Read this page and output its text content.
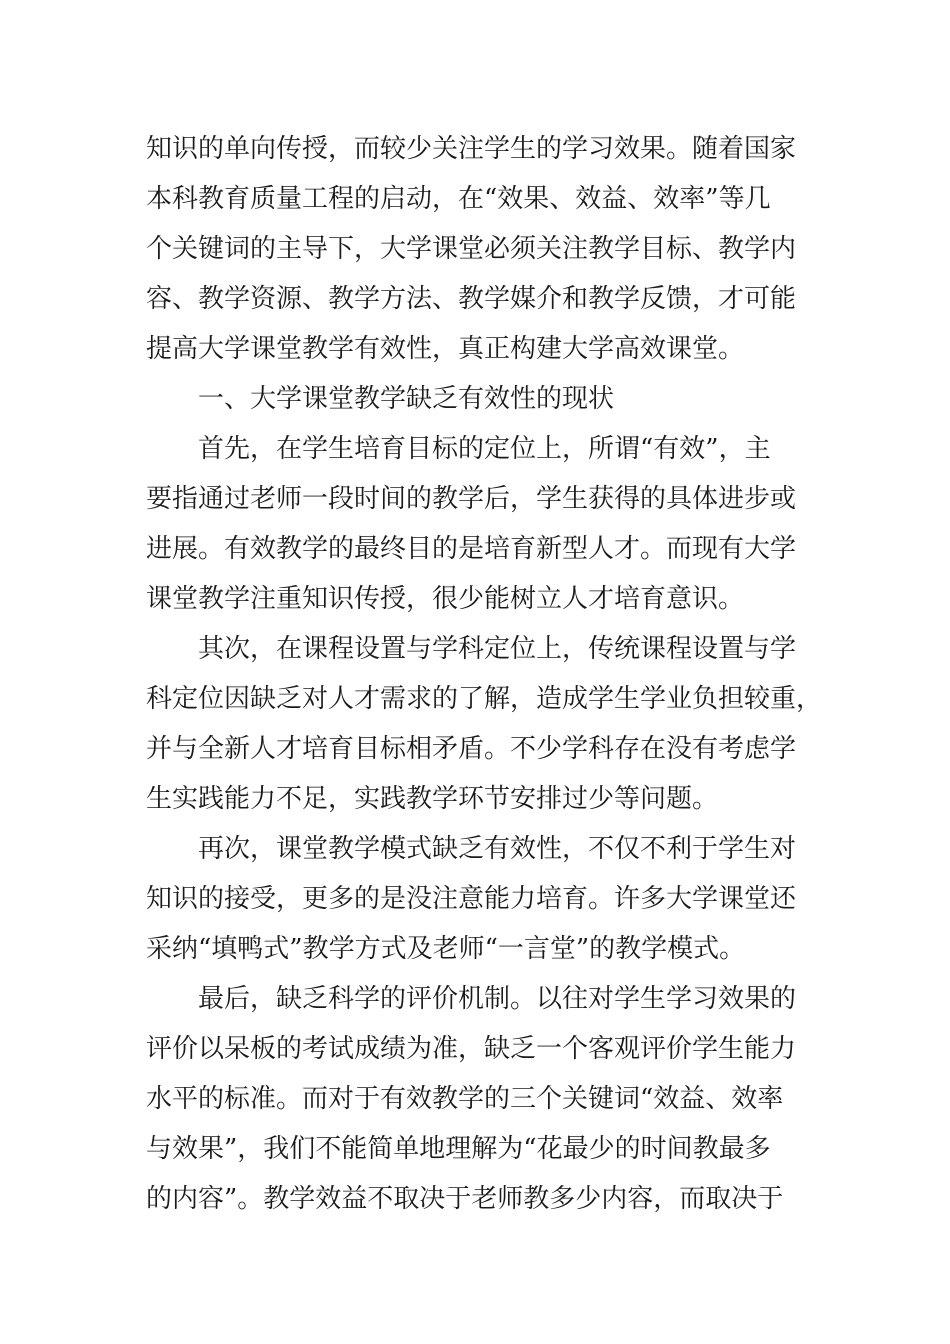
知识的单向传授，而较少关注学生的学习效果。随着国家
本科教育质量工程的启动，在“效果、效益、效率”等几
个关键词的主导下，大学课堂必须关注教学目标、教学内
容、教学资源、教学方法、教学媒介和教学反馈，才可能
提高大学课堂教学有效性，真正构建大学高效课堂。
一、大学课堂教学缺乏有效性的现状
首先，在学生培育目标的定位上，所谓“有效”，主
要指通过老师一段时间的教学后，学生获得的具体进步或
进展。有效教学的最终目的是培育新型人才。而现有大学
课堂教学注重知识传授，很少能树立人才培育意识。
其次，在课程设置与学科定位上，传统课程设置与学
科定位因缺乏对人才需求的了解，造成学生学业负担较重，
并与全新人才培育目标相矛盾。不少学科存在没有考虑学
生实践能力不足，实践教学环节安排过少等问题。
再次，课堂教学模式缺乏有效性，不仅不利于学生对
知识的接受，更多的是没注意能力培育。许多大学课堂还
采纳“填鸭式”教学方式及老师“一言堂”的教学模式。
最后，缺乏科学的评价机制。以往对学生学习效果的
评价以呆板的考试成绩为准，缺乏一个客观评价学生能力
水平的标准。而对于有效教学的三个关键词“效益、效率
与效果”，我们不能简单地理解为“花最少的时间教最多
的内容”。教学效益不取决于老师教多少内容，而取决于
